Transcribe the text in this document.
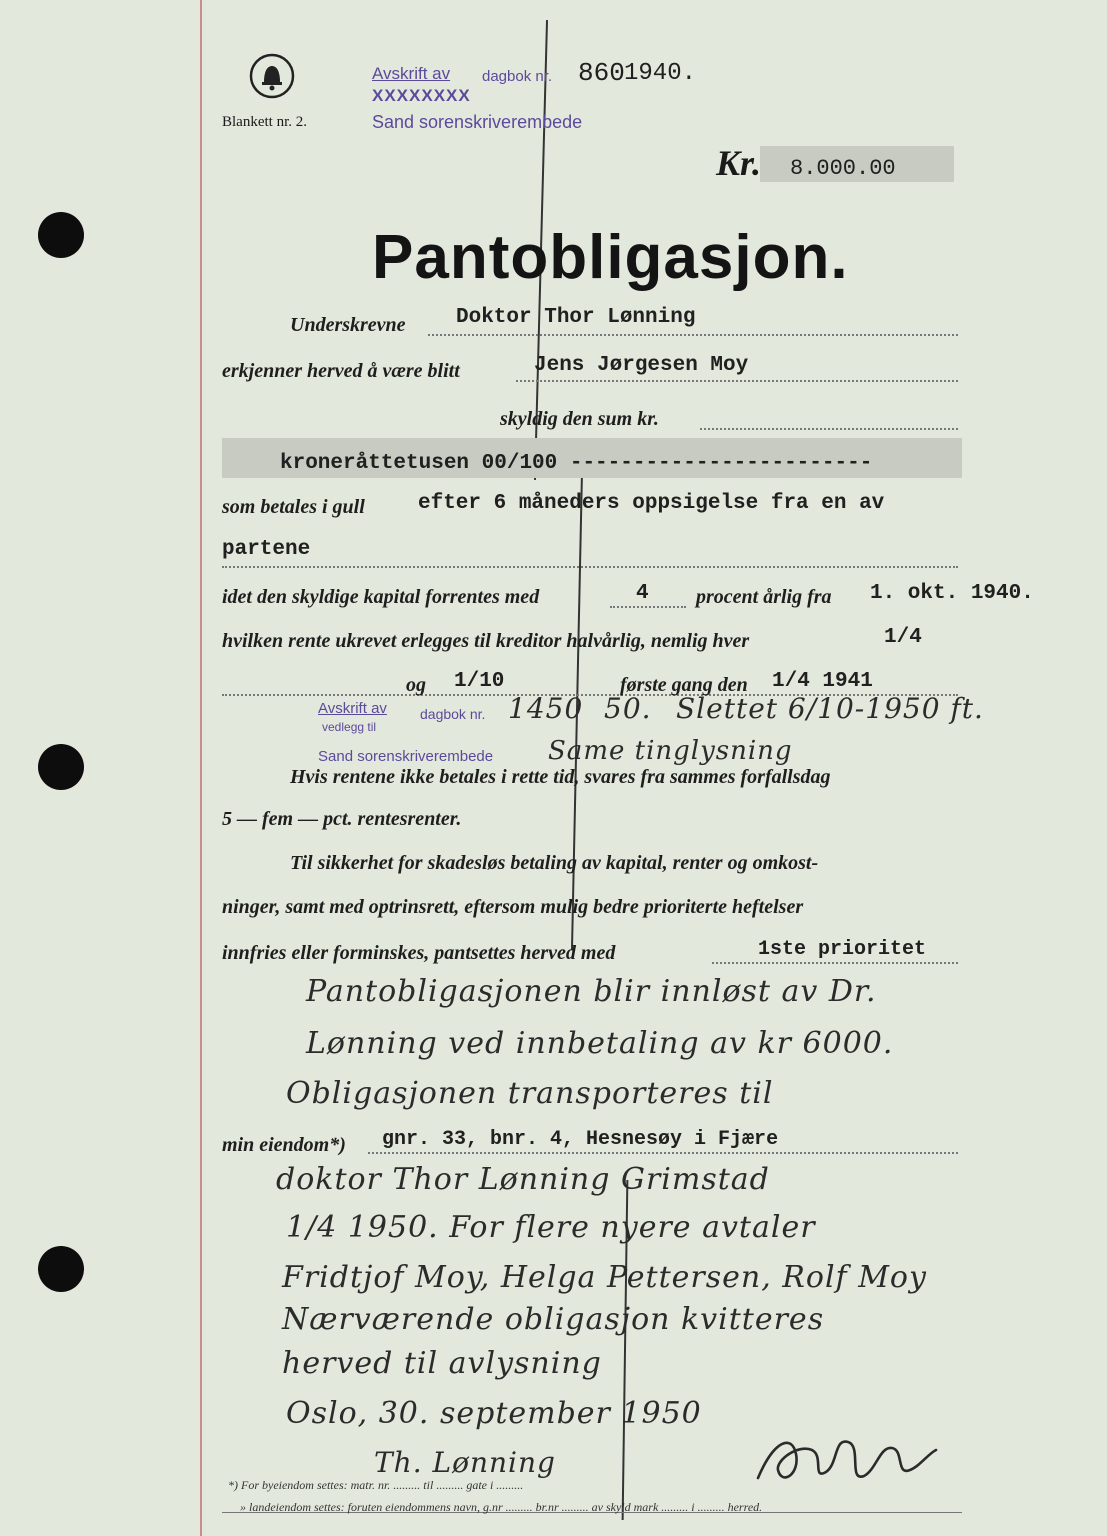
Blankett nr. 2.
Avskrift av
XXXXXXXX
dagbok nr. 860 1940.
Sand sorenskriverembede
Kr. 8.000.00
Pantobligasjon.
Underskrevne Doktor Thor Lønning
erkjenner herved å være blitt	Jens Jørgesen Moy
skyldig den sum kr.
kroneråttetusen 00/100 ------------------------
som betales i gull	efter 6 måneders oppsigelse fra en av
partene
idet den skyldige kapital forrentes med	4 procent årlig fra 1. okt. 1940.
hvilken rente ukrevet erlegges til kreditor halvårlig, nemlig hver	1/4
og 1/10	første gang den 1/4 1941
Avskrift av
vedlegg til
dagbok nr. 1450 50. Slettet 6/10-1950 ft.
Sand sorenskriverembede Same tinglysning
Hvis rentene ikke betales i rette tid, svares fra sammes forfallsdag
5 — fem — pct. rentesrenter.
Til sikkerhet for skadesløs betaling av kapital, renter og omkost-
ninger, samt med optrinsrett, eftersom mulig bedre prioriterte heftelser
innfries eller forminskes, pantsettes herved med	1ste prioritet
Pantobligasjonen blir innløst av Dr.
Lønning ved innbetaling av kr 6000.
Obligasjonen transporteres til
min eiendom*) gnr. 33, bnr. 4, Hesnesøy i Fjære
doktor Thor Lønning Grimstad
1/4 1950. For flere nyere avtaler
Fridtjof Moy, Helga Pettersen, Rolf Moy
Nærværende obligasjon kvitteres
herved til avlysning
Oslo, 30. september 1950
Th. Lønning
*) For byeiendom settes: matr. nr. ......... til ......... gate i .........
» landeiendom settes: foruten eiendommens navn, g.nr ......... br.nr ......... av skyld mark ......... i ......... herred.
